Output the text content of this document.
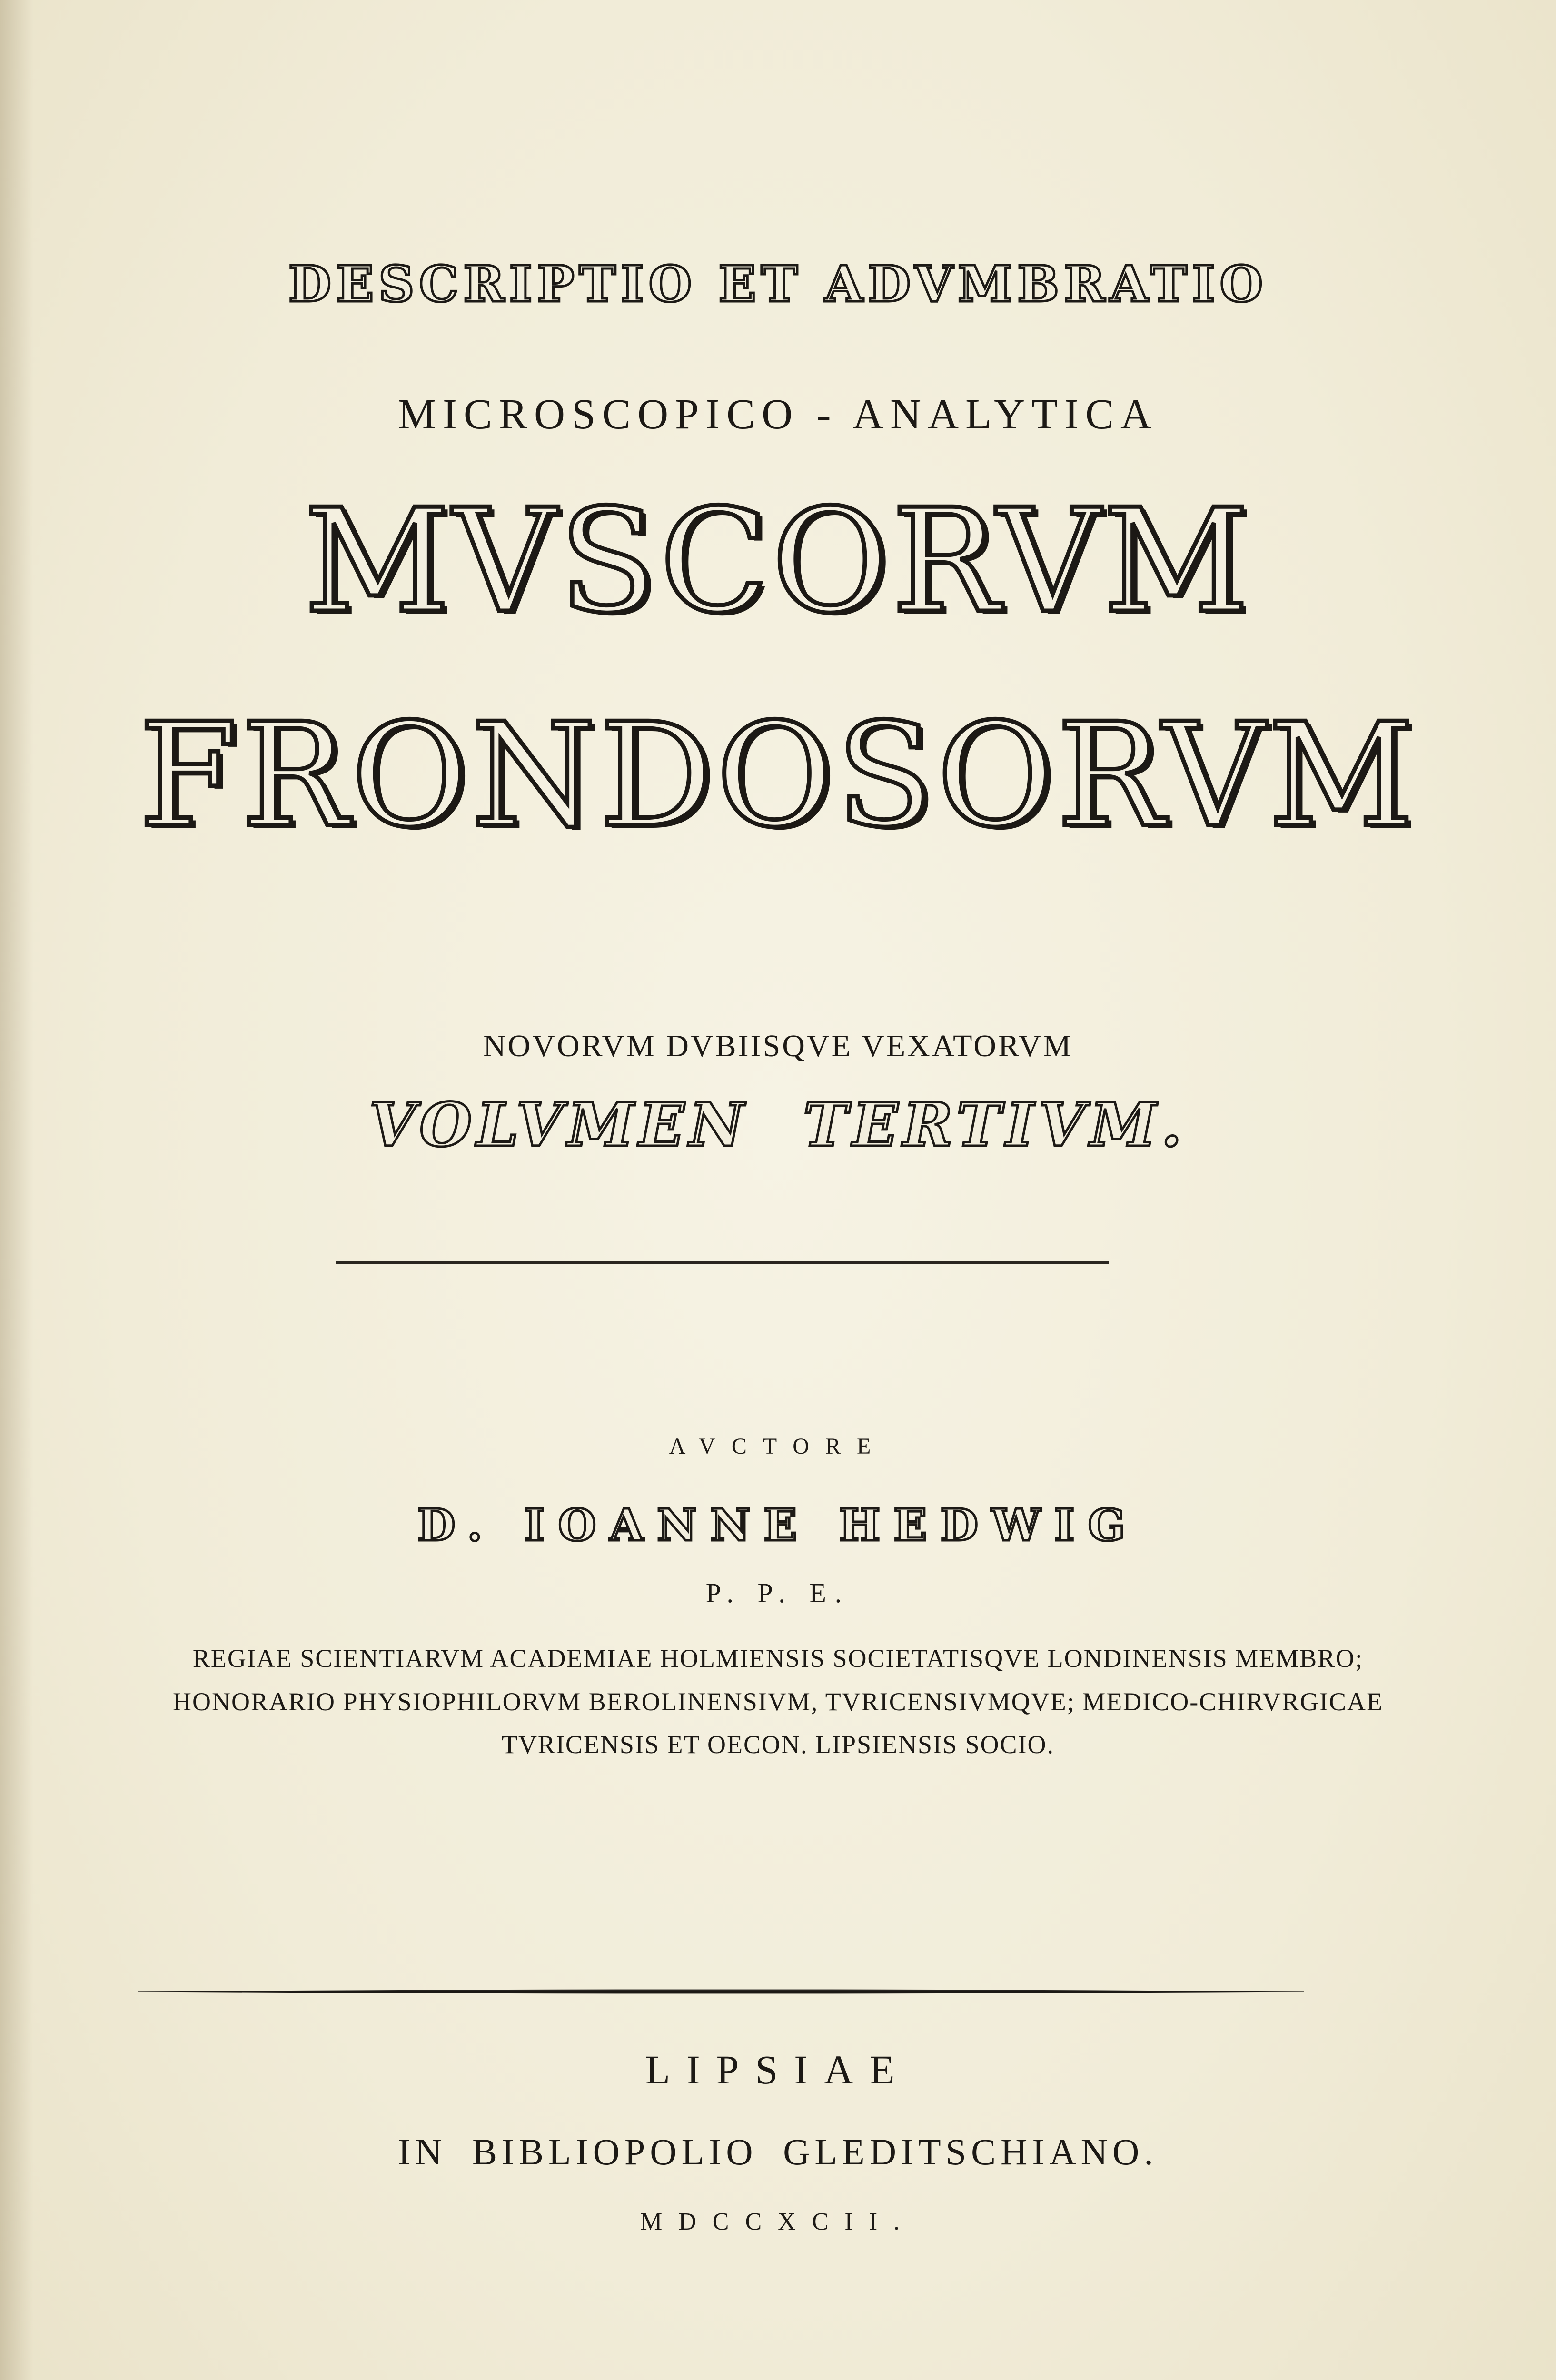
DESCRIPTIO ET ADVMBRATIO
MICROSCOPICO - ANALYTICA
MVSCORVM
FRONDOSORVM
NOVORVM DVBIISQVE VEXATORVM
VOLVMEN TERTIVM.
AVCTORE
D. IOANNE HEDWIG
P. P. E.
REGIAE SCIENTIARVM ACADEMIAE HOLMIENSIS SOCIETATISQVE LONDINENSIS MEMBRO;
HONORARIO PHYSIOPHILORVM BEROLINENSIVM, TVRICENSIVMQVE; MEDICO-CHIRVRGICAE
TVRICENSIS ET OECON. LIPSIENSIS SOCIO.
LIPSIAE
IN BIBLIOPOLIO GLEDITSCHIANO.
MDCCXCII.
